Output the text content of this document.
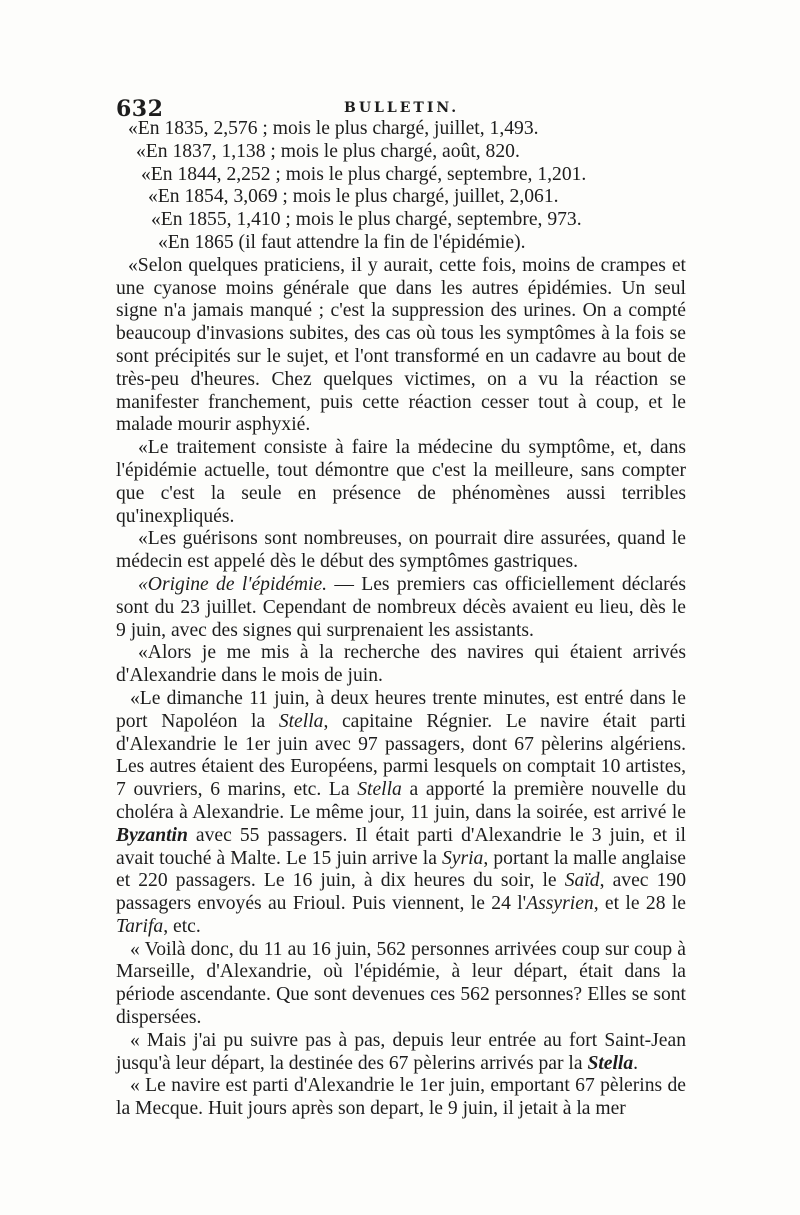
632	BULLETIN.

«En 1835, 2,576 ; mois le plus chargé, juillet, 1,493.

«En 1837, 1,138 ; mois le plus chargé, août, 820.

«En 1844, 2,252 ; mois le plus chargé, septembre, 1,201.

«En 1854, 3,069 ; mois le plus chargé, juillet, 2,061.

«En 1855, 1,410 ; mois le plus chargé, septembre, 973.

«En 1865 (il faut attendre la fin de l'épidémie).

«Selon quelques praticiens, il y aurait, cette fois, moins de crampes et une cyanose moins générale que dans les autres épidémies. Un seul signe n'a jamais manqué ; c'est la suppression des urines. On a compté beaucoup d'invasions subites, des cas où tous les symptômes à la fois se sont précipités sur le sujet, et l'ont transformé en un cadavre au bout de très-peu d'heures. Chez quelques victimes, on a vu la réaction se manifester franchement, puis cette réaction cesser tout à coup, et le malade mourir asphyxié.

«Le traitement consiste à faire la médecine du symptôme, et, dans l'épidémie actuelle, tout démontre que c'est la meilleure, sans compter que c'est la seule en présence de phénomènes aussi terribles qu'inexpliqués.

«Les guérisons sont nombreuses, on pourrait dire assurées, quand le médecin est appelé dès le début des symptômes gastriques.

«Origine de l'épidémie. — Les premiers cas officiellement déclarés sont du 23 juillet. Cependant de nombreux décès avaient eu lieu, dès le 9 juin, avec des signes qui surprenaient les assistants.

«Alors je me mis à la recherche des navires qui étaient arrivés d'Alexandrie dans le mois de juin.

«Le dimanche 11 juin, à deux heures trente minutes, est entré dans le port Napoléon la Stella, capitaine Régnier. Le navire était parti d'Alexandrie le 1er juin avec 97 passagers, dont 67 pèlerins algériens. Les autres étaient des Européens, parmi lesquels on comptait 10 artistes, 7 ouvriers, 6 marins, etc. La Stella a apporté la première nouvelle du choléra à Alexandrie. Le même jour, 11 juin, dans la soirée, est arrivé le Byzantin avec 55 passagers. Il était parti d'Alexandrie le 3 juin, et il avait touché à Malte. Le 15 juin arrive la Syria, portant la malle anglaise et 220 passagers. Le 16 juin, à dix heures du soir, le Saïd, avec 190 passagers envoyés au Frioul. Puis viennent, le 24 l'Assyrien, et le 28 le Tarifa, etc.

« Voilà donc, du 11 au 16 juin, 562 personnes arrivées coup sur coup à Marseille, d'Alexandrie, où l'épidémie, à leur départ, était dans la période ascendante. Que sont devenues ces 562 personnes? Elles se sont dispersées.

« Mais j'ai pu suivre pas à pas, depuis leur entrée au fort Saint-Jean jusqu'à leur départ, la destinée des 67 pèlerins arrivés par la Stella.

« Le navire est parti d'Alexandrie le 1er juin, emportant 67 pèlerins de la Mecque. Huit jours après son depart, le 9 juin, il jetait à la mer
